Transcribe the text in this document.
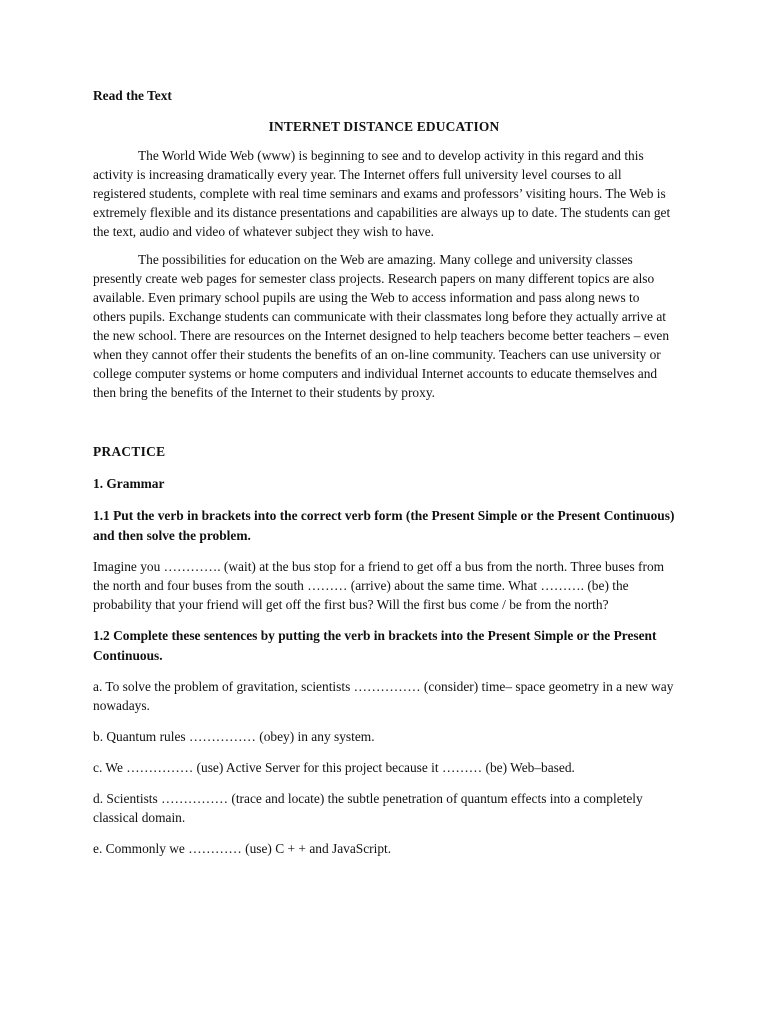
Read the Text

INTERNET DISTANCE EDUCATION

The World Wide Web (www) is beginning to see and to develop activity in this regard and this activity is increasing dramatically every year. The Internet offers full university level courses to all registered students, complete with real time seminars and exams and professors’ visiting hours. The Web is extremely flexible and its distance presentations and capabilities are always up to date. The students can get the text, audio and video of whatever subject they wish to have.

The possibilities for education on the Web are amazing. Many college and university classes presently create web pages for semester class projects. Research papers on many different topics are also available. Even primary school pupils are using the Web to access information and pass along news to others pupils. Exchange students can communicate with their classmates long before they actually arrive at the new school. There are resources on the Internet designed to help teachers become better teachers – even when they cannot offer their students the benefits of an on-line community. Teachers can use university or college computer systems or home computers and individual Internet accounts to educate themselves and then bring the benefits of the Internet to their students by proxy.

PRACTICE

1. Grammar

1.1 Put the verb in brackets into the correct verb form (the Present Simple or the Present Continuous) and then solve the problem.

Imagine you …………. (wait) at the bus stop for a friend to get off a bus from the north. Three buses from the north and four buses from the south ……… (arrive) about the same time. What ………. (be) the probability that your friend will get off the first bus? Will the first bus come / be from the north?

1.2 Complete these sentences by putting the verb in brackets into the Present Simple or the Present Continuous.

a. To solve the problem of gravitation, scientists …………… (consider) time– space geometry in a new way nowadays.

b. Quantum rules …………… (obey) in any system.

c. We …………… (use) Active Server for this project because it ……… (be) Web–based.

d. Scientists …………… (trace and locate) the subtle penetration of quantum effects into a completely classical domain.

e. Commonly we ………… (use) C + + and JavaScript.
